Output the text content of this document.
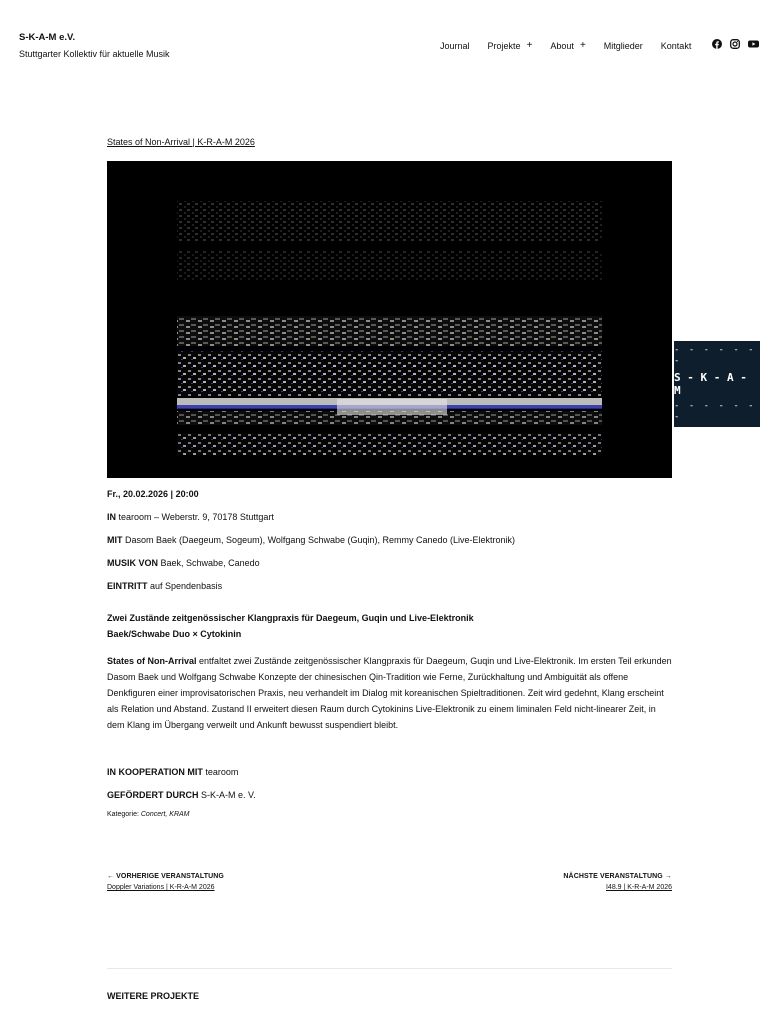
S-K-A-M e.V.
Stuttgarter Kollektiv für aktuelle Musik
Journal Projekte + About + Mitglieder Kontakt
States of Non-Arrival | K-R-A-M 2026
- - - - - - -
S - K - A - M
- - - - - - -
Fr., 20.02.2026 | 20:00
IN tearoom – Weberstr. 9, 70178 Stuttgart
MIT Dasom Baek (Daegeum, Sogeum), Wolfgang Schwabe (Guqin), Remmy Canedo (Live-Elektronik)
MUSIK VON Baek, Schwabe, Canedo
EINTRITT auf Spendenbasis
Zwei Zustände zeitgenössischer Klangpraxis für Daegeum, Guqin und Live-Elektronik
Baek/Schwabe Duo × Cytokinin
States of Non-Arrival entfaltet zwei Zustände zeitgenössischer Klangpraxis für Daegeum, Guqin und Live-Elektronik. Im ersten Teil erkunden Dasom Baek und Wolfgang Schwabe Konzepte der chinesischen Qin-Tradition wie Ferne, Zurückhaltung und Ambiguität als offene Denkfiguren einer improvisatorischen Praxis, neu verhandelt im Dialog mit koreanischen Spieltraditionen. Zeit wird gedehnt, Klang erscheint als Relation und Abstand. Zustand II erweitert diesen Raum durch Cytokinins Live-Elektronik zu einem liminalen Feld nicht-linearer Zeit, in dem Klang im Übergang verweilt und Ankunft bewusst suspendiert bleibt.
IN KOOPERATION MIT tearoom
GEFÖRDERT DURCH S-K-A-M e. V.
Kategorie: Concert, KRAM
← VORHERIGE VERANSTALTUNG
Doppler Variations | K-R-A-M 2026
NÄCHSTE VERANSTALTUNG →
I48.9 | K-R-A-M 2026
WEITERE PROJEKTE
